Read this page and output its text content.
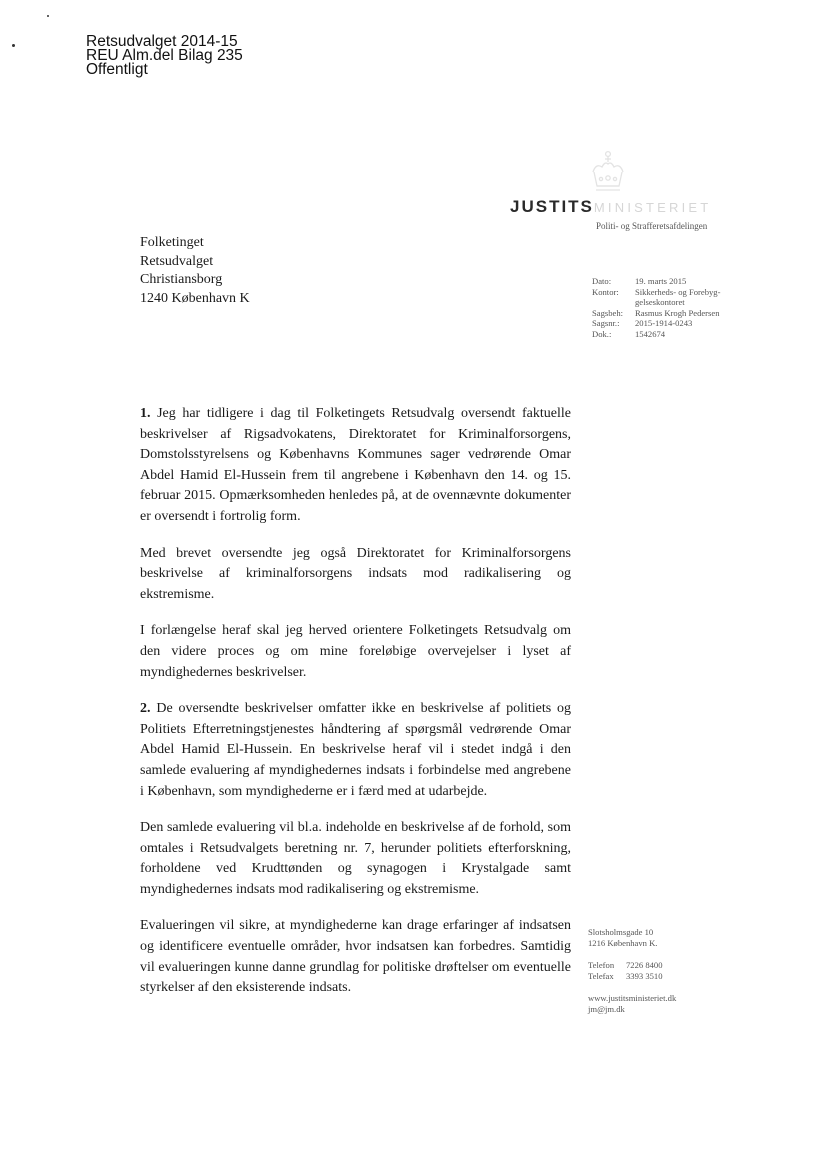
Retsudvalget 2014-15
REU Alm.del Bilag 235
Offentligt
JUSTITSMINISTERIET
Politi- og Strafferetsafdelingen
Folketinget
Retsudvalget
Christiansborg
1240 København K
Dato:	19. marts 2015
Kontor:	Sikkerheds- og Forebyg-
gelseskontoret

Sagsbeh:	Rasmus Krogh Pedersen
Sagsnr.:	2015-1914-0243
Dok.:	1542674

1. Jeg har tidligere i dag til Folketingets Retsudvalg oversendt faktuelle beskrivelser af Rigsadvokatens, Direktoratet for Kriminalforsorgens, Domstolsstyrelsens og Københavns Kommunes sager vedrørende Omar Abdel Hamid El-Hussein frem til angrebene i København den 14. og 15. februar 2015. Opmærksomheden henledes på, at de ovennævnte dokumenter er oversendt i fortrolig form.

Med brevet oversendte jeg også Direktoratet for Kriminalforsorgens beskrivelse af kriminalforsorgens indsats mod radikalisering og ekstremisme.

I forlængelse heraf skal jeg herved orientere Folketingets Retsudvalg om den videre proces og om mine foreløbige overvejelser i lyset af myndighedernes beskrivelser.

2. De oversendte beskrivelser omfatter ikke en beskrivelse af politiets og Politiets Efterretningstjenestes håndtering af spørgsmål vedrørende Omar Abdel Hamid El-Hussein. En beskrivelse heraf vil i stedet indgå i den samlede evaluering af myndighedernes indsats i forbindelse med angrebene i København, som myndighederne er i færd med at udarbejde.

Den samlede evaluering vil bl.a. indeholde en beskrivelse af de forhold, som omtales i Retsudvalgets beretning nr. 7, herunder politiets efterforskning, forholdene ved Krudttønden og synagogen i Krystalgade samt myndighedernes indsats mod radikalisering og ekstremisme.

Evalueringen vil sikre, at myndighederne kan drage erfaringer af indsatsen og identificere eventuelle områder, hvor indsatsen kan forbedres. Samtidig vil evalueringen kunne danne grundlag for politiske drøftelser om eventuelle styrkelser af den eksisterende indsats.

Slotsholmsgade 10
1216 København K.
Telefon 7226 8400
Telefax 3393 3510
www.justitsministeriet.dk
jm@jm.dk
